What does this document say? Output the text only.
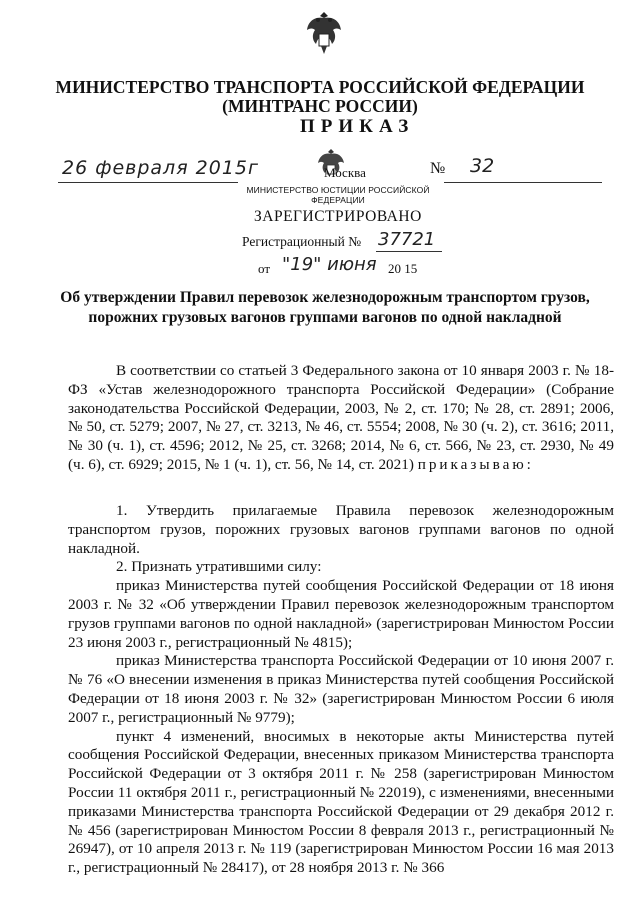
МИНИСТЕРСТВО ТРАНСПОРТА РОССИЙСКОЙ ФЕДЕРАЦИИ
(МИНТРАНС РОССИИ)
ПРИКАЗ
26 февраля 2015г	№ 32
МИНИСТЕРСТВО ЮСТИЦИИ РОССИЙСКОЙ ФЕДЕРАЦИИ
ЗАРЕГИСТРИРОВАНО
Регистрационный № 37721
от "19" июня 20 15
Москва
Об утверждении Правил перевозок железнодорожным транспортом грузов,
порожних грузовых вагонов группами вагонов по одной накладной

В соответствии со статьей 3 Федерального закона от 10 января 2003 г. № 18-ФЗ «Устав железнодорожного транспорта Российской Федерации» (Собрание законодательства Российской Федерации, 2003, № 2, ст. 170; № 28, ст. 2891; 2006, № 50, ст. 5279; 2007, № 27, ст. 3213, № 46, ст. 5554; 2008, № 30 (ч. 2), ст. 3616; 2011, № 30 (ч. 1), ст. 4596; 2012, № 25, ст. 3268; 2014, № 6, ст. 566, № 23, ст. 2930, № 49 (ч. 6), ст. 6929; 2015, № 1 (ч. 1), ст. 56, № 14, ст. 2021) приказываю:

1. Утвердить прилагаемые Правила перевозок железнодорожным транспортом грузов, порожних грузовых вагонов группами вагонов по одной накладной.

2. Признать утратившими силу:

приказ Министерства путей сообщения Российской Федерации от 18 июня 2003 г. № 32 «Об утверждении Правил перевозок железнодорожным транспортом грузов группами вагонов по одной накладной» (зарегистрирован Минюстом России 23 июня 2003 г., регистрационный № 4815);

приказ Министерства транспорта Российской Федерации от 10 июня 2007 г. № 76 «О внесении изменения в приказ Министерства путей сообщения Российской Федерации от 18 июня 2003 г. № 32» (зарегистрирован Минюстом России 6 июля 2007 г., регистрационный № 9779);

пункт 4 изменений, вносимых в некоторые акты Министерства путей сообщения Российской Федерации, внесенных приказом Министерства транспорта Российской Федерации от 3 октября 2011 г. № 258 (зарегистрирован Минюстом России 11 октября 2011 г., регистрационный № 22019), с изменениями, внесенными приказами Министерства транспорта Российской Федерации от 29 декабря 2012 г. № 456 (зарегистрирован Минюстом России 8 февраля 2013 г., регистрационный № 26947), от 10 апреля 2013 г. № 119 (зарегистрирован Минюстом России 16 мая 2013 г., регистрационный № 28417), от 28 ноября 2013 г. № 366
